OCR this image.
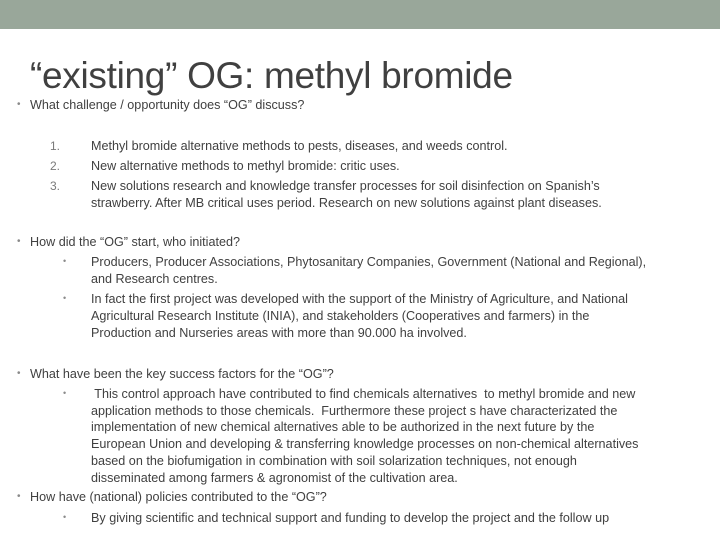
“existing” OG: methyl bromide
• What challenge / opportunity does “OG” discuss?
1. Methyl bromide alternative methods to pests, diseases, and weeds control.
2. New alternative methods to methyl bromide: critic uses.
3. New solutions research and knowledge transfer processes for soil disinfection on Spanish’s
strawberry. After MB critical uses period. Research on new solutions against plant diseases.
• How did the “OG” start, who initiated?
• Producers, Producer Associations, Phytosanitary Companies, Government (National and Regional),
and Research centres.
• In fact the first project was developed with the support of the Ministry of Agriculture, and National
Agricultural Research Institute (INIA), and stakeholders (Cooperatives and farmers) in the
Production and Nurseries areas with more than 90.000 ha involved.
• What have been the key success factors for the “OG”?
• This control approach have contributed to find chemicals alternatives  to methyl bromide and new
application methods to those chemicals.  Furthermore these project s have characterizated the
implementation of new chemical alternatives able to be authorized in the next future by the
European Union and developing & transferring knowledge processes on non-chemical alternatives
based on the biofumigation in combination with soil solarization techniques, not enough
disseminated among farmers & agronomist of the cultivation area.
• How have (national) policies contributed to the “OG”?
• By giving scientific and technical support and funding to develop the project and the follow up
